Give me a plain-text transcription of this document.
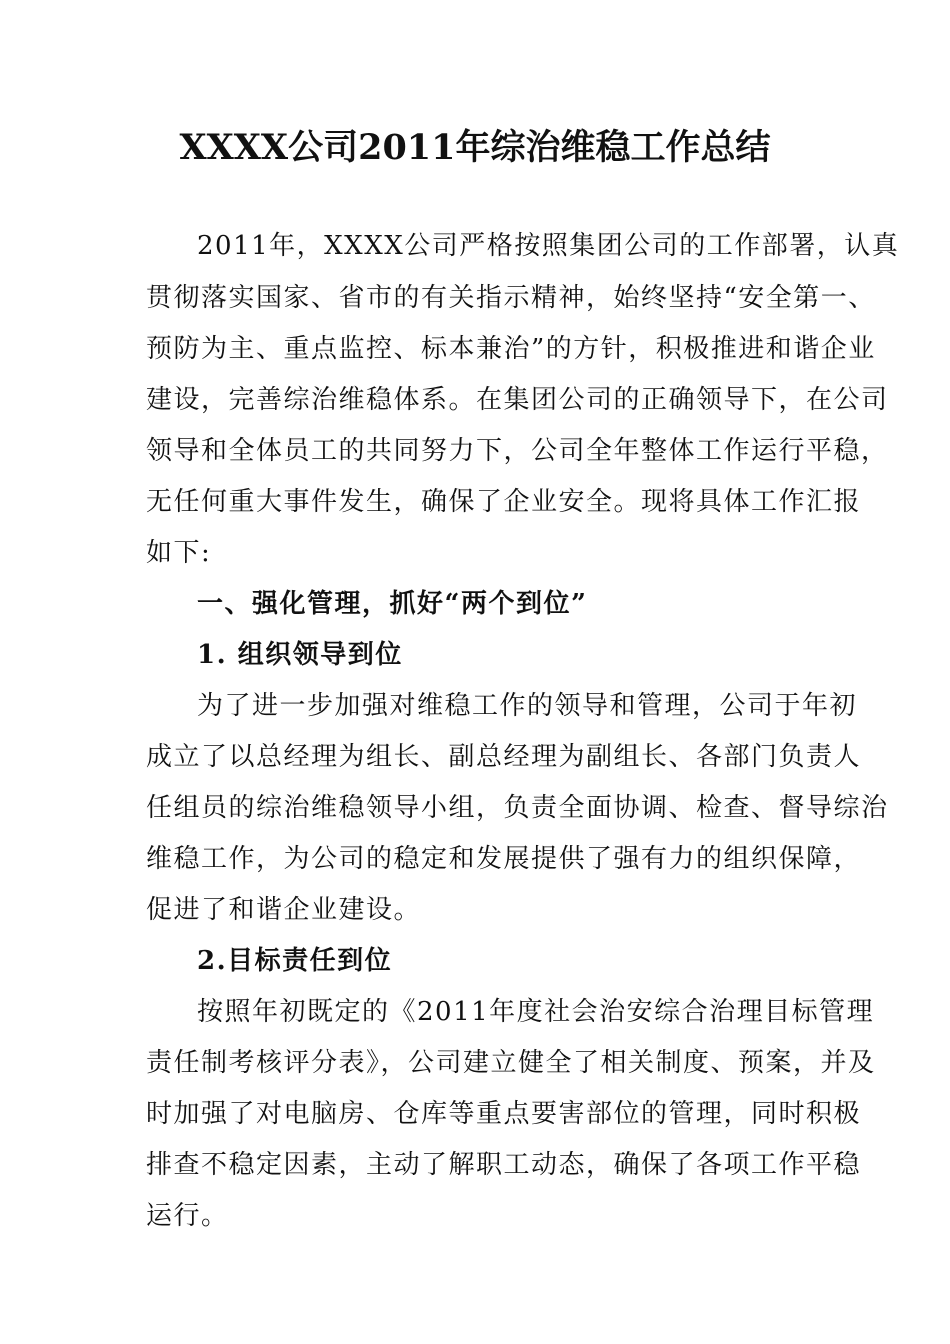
XXXX公司2011年综治维稳工作总结
2011年，XXXX公司严格按照集团公司的工作部署，认真
贯彻落实国家、省市的有关指示精神，始终坚持“安全第一、
预防为主、重点监控、标本兼治”的方针，积极推进和谐企业
建设，完善综治维稳体系。在集团公司的正确领导下，在公司
领导和全体员工的共同努力下，公司全年整体工作运行平稳，
无任何重大事件发生，确保了企业安全。现将具体工作汇报
如下:
一、强化管理，抓好“两个到位”
1. 组织领导到位
为了进一步加强对维稳工作的领导和管理，公司于年初
成立了以总经理为组长、副总经理为副组长、各部门负责人
任组员的综治维稳领导小组，负责全面协调、检查、督导综治
维稳工作，为公司的稳定和发展提供了强有力的组织保障，
促进了和谐企业建设。
2.目标责任到位
按照年初既定的《2011年度社会治安综合治理目标管理
责任制考核评分表》，公司建立健全了相关制度、预案，并及
时加强了对电脑房、仓库等重点要害部位的管理，同时积极
排查不稳定因素，主动了解职工动态，确保了各项工作平稳
运行。
